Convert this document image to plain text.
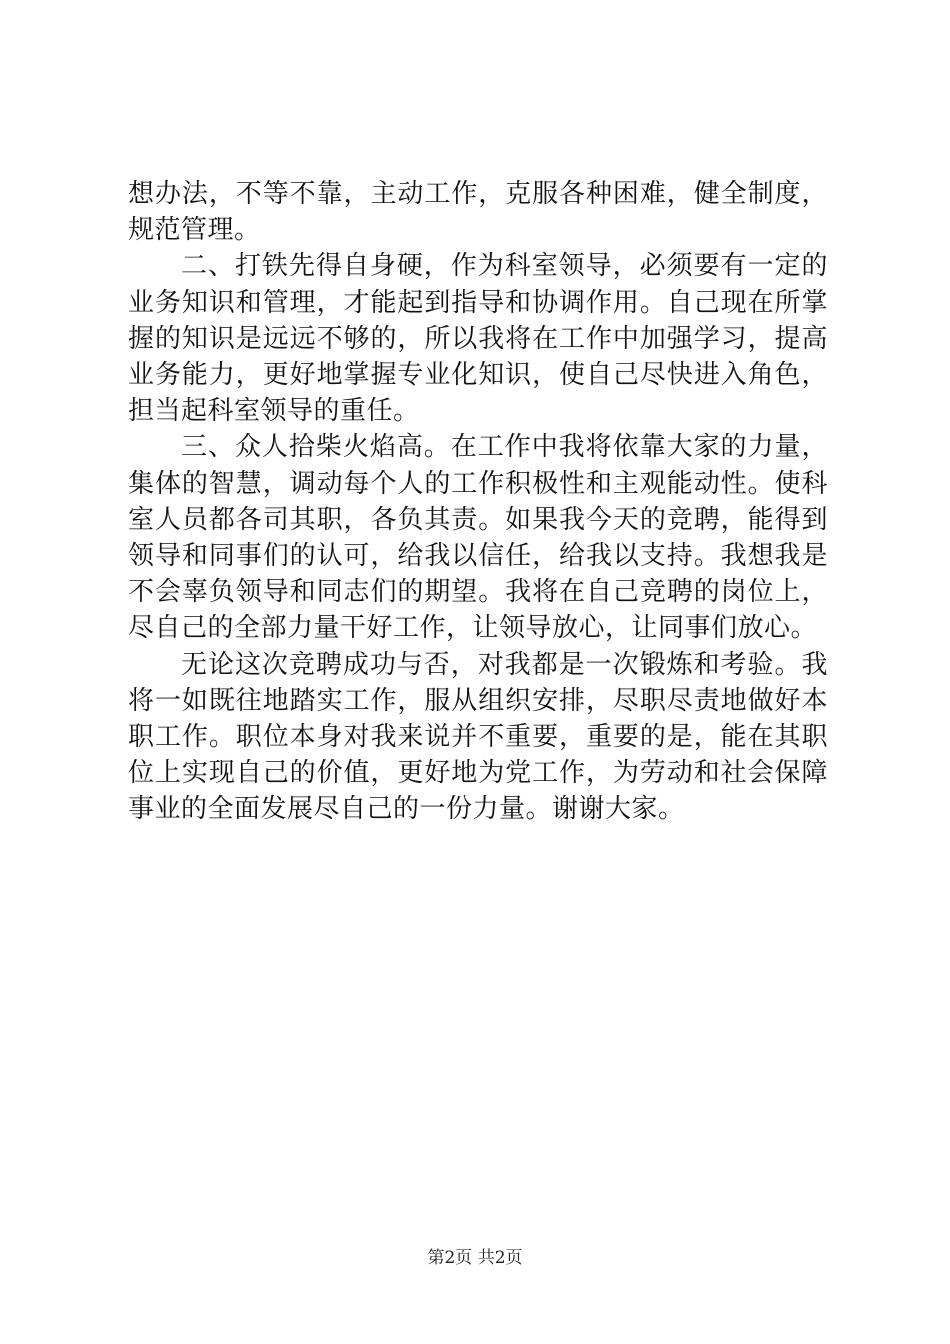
想办法，不等不靠，主动工作，克服各种困难，健全制度，规范管理。

二、打铁先得自身硬，作为科室领导，必须要有一定的业务知识和管理，才能起到指导和协调作用。自己现在所掌握的知识是远远不够的，所以我将在工作中加强学习，提高业务能力，更好地掌握专业化知识，使自己尽快进入角色，担当起科室领导的重任。

三、众人拾柴火焰高。在工作中我将依靠大家的力量，集体的智慧，调动每个人的工作积极性和主观能动性。使科室人员都各司其职，各负其责。如果我今天的竞聘，能得到领导和同事们的认可，给我以信任，给我以支持。我想我是不会辜负领导和同志们的期望。我将在自己竞聘的岗位上，尽自己的全部力量干好工作，让领导放心，让同事们放心。

无论这次竞聘成功与否，对我都是一次锻炼和考验。我将一如既往地踏实工作，服从组织安排，尽职尽责地做好本职工作。职位本身对我来说并不重要，重要的是，能在其职位上实现自己的价值，更好地为党工作，为劳动和社会保障事业的全面发展尽自己的一份力量。谢谢大家。

第2页 共2页
